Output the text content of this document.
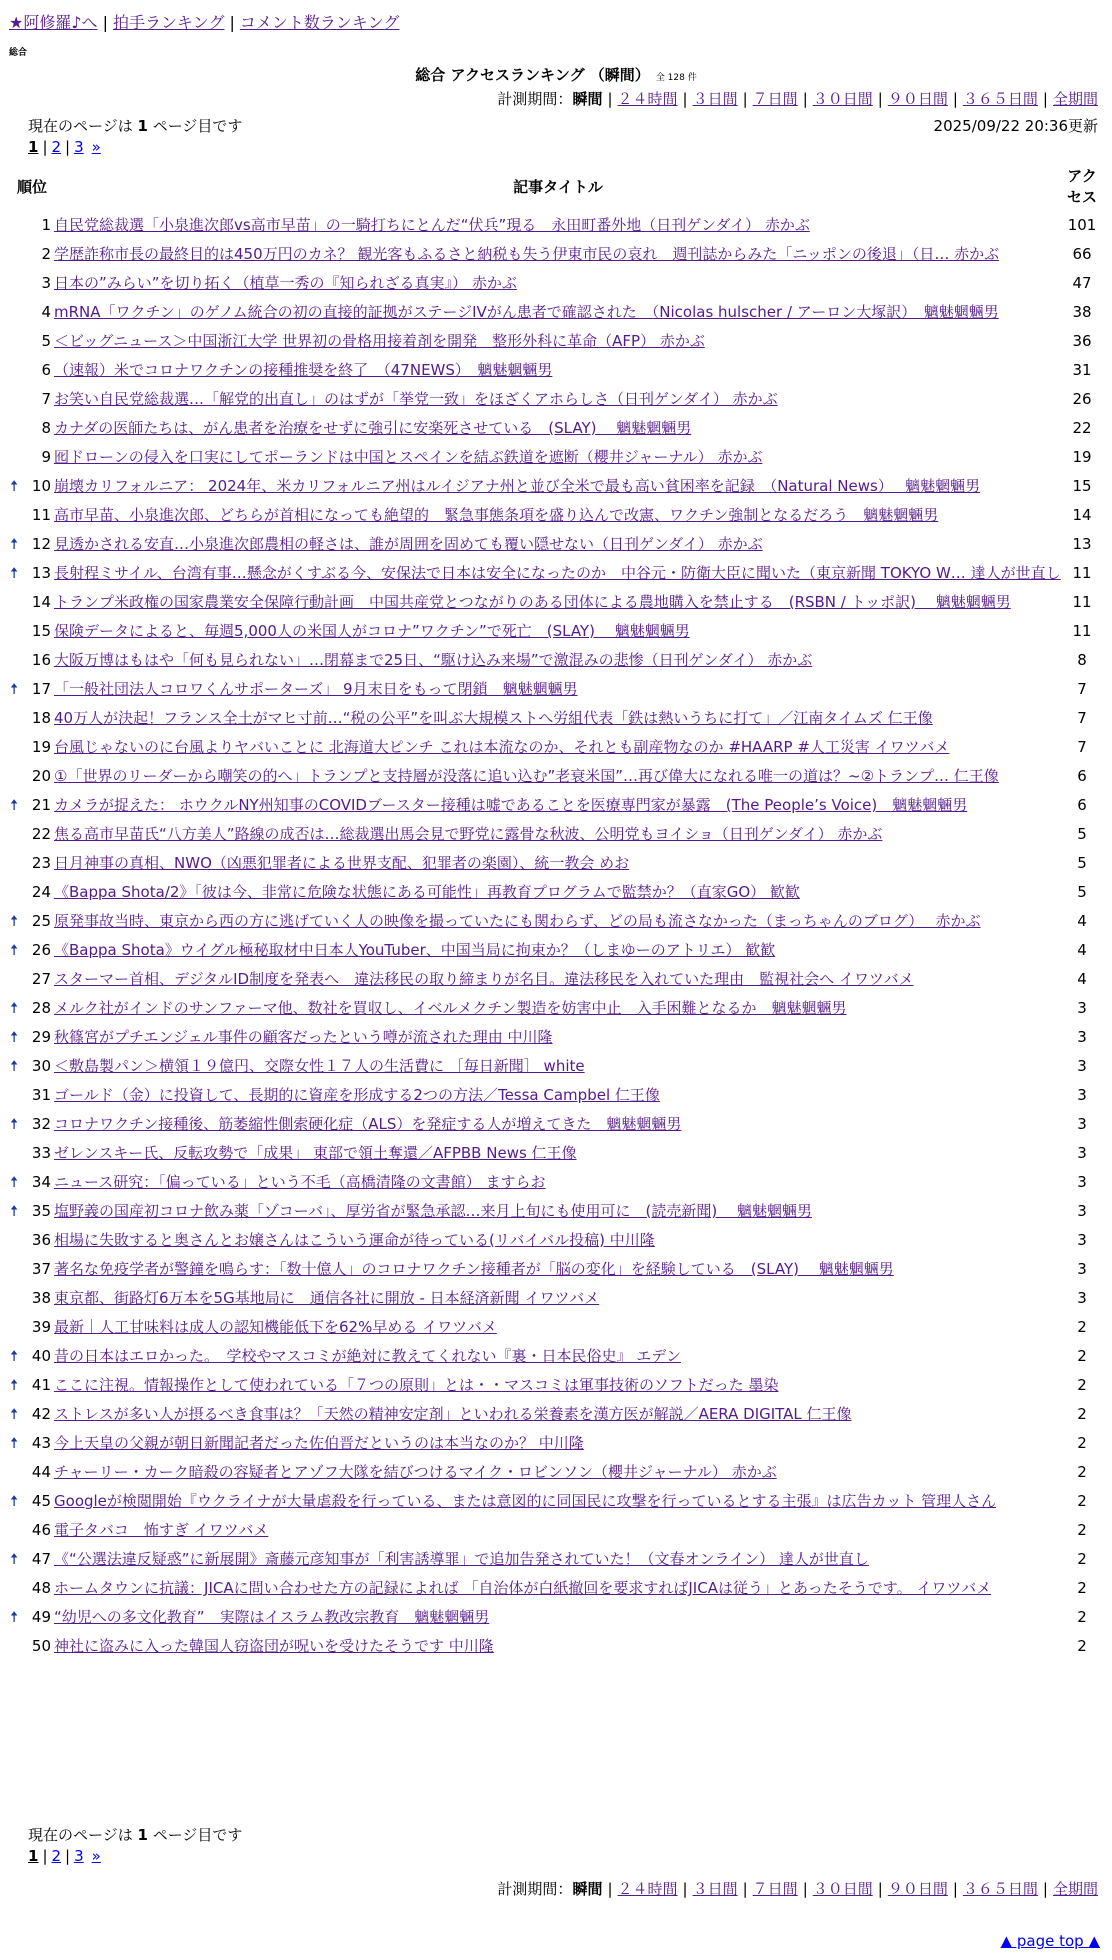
★阿修羅♪へ | 拍手ランキング | コメント数ランキング
総合
総合 アクセスランキング （瞬間） 全 128 件
計測期間：瞬間 | ２４時間 | ３日間 | ７日間 | ３０日間 | ９０日間 | ３６５日間 | 全期間
現在のページは 1 ページ目です	2025/09/22 20:36更新
1 | 2 | 3 »
順位		記事タイトル	アクセス
	1	自民党総裁選「小泉進次郎vs高市早苗」の一騎打ちにとんだ“伏兵”現る　永田町番外地（日刊ゲンダイ） 赤かぶ	101
	2	学歴詐称市長の最終目的は450万円のカネ？ 観光客もふるさと納税も失う伊東市民の哀れ　週刊誌からみた「ニッポンの後退」（日… 赤かぶ	66
	3	日本の”みらい”を切り拓く（植草一秀の『知られざる真実』） 赤かぶ	47
	4	mRNA「ワクチン」のゲノム統合の初の直接的証拠がステージIVがん患者で確認された　（Nicolas hulscher / アーロン大塚訳）　魑魅魍魎男	38
	5	＜ビッグニュース＞中国浙江大学 世界初の骨格用接着剤を開発　整形外科に革命（AFP） 赤かぶ	36
	6	（速報）米でコロナワクチンの接種推奨を終了　（47NEWS）　魑魅魍魎男	31
	7	お笑い自民党総裁選…「解党的出直し」のはずが「挙党一致」をほざくアホらしさ（日刊ゲンダイ） 赤かぶ	26
	8	カナダの医師たちは、がん患者を治療をせずに強引に安楽死させている　(SLAY)　 魑魅魍魎男	22
	9	囮ドローンの侵入を口実にしてポーランドは中国とスペインを結ぶ鉄道を遮断（櫻井ジャーナル） 赤かぶ	19
🠅	10	崩壊カリフォルニア： 2024年、米カリフォルニア州はルイジアナ州と並び全米で最も高い貧困率を記録　（Natural News）　 魑魅魍魎男	15
	11	高市早苗、小泉進次郎、どちらが首相になっても絶望的　緊急事態条項を盛り込んで改憲、ワクチン強制となるだろう　魑魅魍魎男	14
🠅	12	見透かされる安直…小泉進次郎農相の軽さは、誰が周囲を固めても覆い隠せない（日刊ゲンダイ） 赤かぶ	13
🠅	13	長射程ミサイル、台湾有事…懸念がくすぶる今、安保法で日本は安全になったのか　中谷元・防衛大臣に聞いた（東京新聞 TOKYO W… 達人が世直し	11
	14	トランプ米政権の国家農業安全保障行動計画　中国共産党とつながりのある団体による農地購入を禁止する　(RSBN / トッポ訳)　 魑魅魍魎男	11
	15	保険データによると、毎週5,000人の米国人がコロナ”ワクチン”で死亡　(SLAY)　 魑魅魍魎男	11
	16	大阪万博はもはや「何も見られない」…閉幕まで25日、“駆け込み来場”で激混みの悲惨（日刊ゲンダイ） 赤かぶ	8
🠅	17	「一般社団法人コロワくんサポーターズ」 9月末日をもって閉鎖　魑魅魍魎男	7
	18	40万人が決起！フランス全土がマヒ寸前…“税の公平”を叫ぶ大規模ストへ労組代表「鉄は熱いうちに打て」／江南タイムズ 仁王像	7
	19	台風じゃないのに台風よりヤバいことに 北海道大ピンチ これは本流なのか、それとも副産物なのか #HAARP #人工災害 イワツバメ	7
	20	①「世界のリーダーから嘲笑の的へ」トランプと支持層が没落に追い込む”老衰米国”…再び偉大になれる唯一の道は？~②トランプ… 仁王像	6
🠅	21	カメラが捉えた： ホウクルNY州知事のCOVIDブースター接種は嘘であることを医療専門家が暴露　(The People’s Voice)　魑魅魍魎男	6
	22	焦る高市早苗氏“八方美人”路線の成否は…総裁選出馬会見で野党に露骨な秋波、公明党もヨイショ（日刊ゲンダイ） 赤かぶ	5
	23	日月神事の真相、NWO（凶悪犯罪者による世界支配、犯罪者の楽園）、統一教会 めお	5
	24	《Bappa Shota/2》「彼は今、非常に危険な状態にある可能性」再教育プログラムで監禁か？（直家GO） 歓歓	5
🠅	25	原発事故当時、東京から西の方に逃げていく人の映像を撮っていたにも関わらず、どの局も流さなかった（まっちゃんのブログ）　 赤かぶ	4
🠅	26	《Bappa Shota》ウイグル極秘取材中日本人YouTuber、中国当局に拘束か？（しまゆーのアトリエ） 歓歓	4
	27	スターマー首相、デジタルID制度を発表へ　違法移民の取り締まりが名目。違法移民を入れていた理由　監視社会へ イワツバメ	4
🠅	28	メルク社がインドのサンファーマ他、数社を買収し、イベルメクチン製造を妨害中止　入手困難となるか　魑魅魍魎男	3
🠅	29	秋篠宮がプチエンジェル事件の顧客だったという噂が流された理由 中川隆	3
🠅	30	＜敷島製パン＞横領１９億円、交際女性１７人の生活費に ［毎日新聞］ white	3
	31	ゴールド（金）に投資して、長期的に資産を形成する2つの方法／Tessa Campbel 仁王像	3
🠅	32	コロナワクチン接種後、筋萎縮性側索硬化症（ALS）を発症する人が増えてきた　魑魅魍魎男	3
	33	ゼレンスキー氏、反転攻勢で「成果」 東部で領土奪還／AFPBB News 仁王像	3
🠅	34	ニュース研究：「偏っている」という不毛（高橋清隆の文書館） ますらお	3
🠅	35	塩野義の国産初コロナ飲み薬「ゾコーバ」、厚労省が緊急承認…来月上旬にも使用可に　(読売新聞)　 魑魅魍魎男	3
	36	相場に失敗すると奥さんとお嬢さんはこういう運命が待っている(リバイバル投稿) 中川隆	3
	37	著名な免疫学者が警鐘を鳴らす：「数十億人」のコロナワクチン接種者が「脳の変化」を経験している　(SLAY)　 魑魅魍魎男	3
	38	東京都、街路灯6万本を5G基地局に　通信各社に開放 - 日本経済新聞 イワツバメ	3
	39	最新｜人工甘味料は成人の認知機能低下を62%早める イワツバメ	2
🠅	40	昔の日本はエロかった。　学校やマスコミが絶対に教えてくれない『裏・日本民俗史』 エデン	2
🠅	41	ここに注視。情報操作として使われている「７つの原則」とは・・マスコミは軍事技術のソフトだった 墨染	2
🠅	42	ストレスが多い人が摂るべき食事は？「天然の精神安定剤」といわれる栄養素を漢方医が解説／AERA DIGITAL 仁王像	2
🠅	43	今上天皇の父親が朝日新聞記者だった佐伯晋だというのは本当なのか？ 中川隆	2
	44	チャーリー・カーク暗殺の容疑者とアゾフ大隊を結びつけるマイク・ロビンソン（櫻井ジャーナル） 赤かぶ	2
🠅	45	Googleが検閲開始『ウクライナが大量虐殺を行っている、または意図的に同国民に攻撃を行っているとする主張』は広告カット 管理人さん	2
	46	電子タバコ　怖すぎ イワツバメ	2
🠅	47	《“公選法違反疑惑”に新展開》斎藤元彦知事が「利害誘導罪」で追加告発されていた！（文春オンライン） 達人が世直し	2
	48	ホームタウンに抗議：JICAに問い合わせた方の記録によれば 「自治体が白紙撤回を要求すればJICAは従う」とあったそうです。 イワツバメ	2
🠅	49	“幼児への多文化教育”　実際はイスラム教改宗教育　魑魅魍魎男	2
	50	神社に盗みに入った韓国人窃盗団が呪いを受けたそうです 中川隆	2
現在のページは 1 ページ目です
1 | 2 | 3 »
計測期間：瞬間 | ２４時間 | ３日間 | ７日間 | ３０日間 | ９０日間 | ３６５日間 | 全期間
▲ page top ▲
